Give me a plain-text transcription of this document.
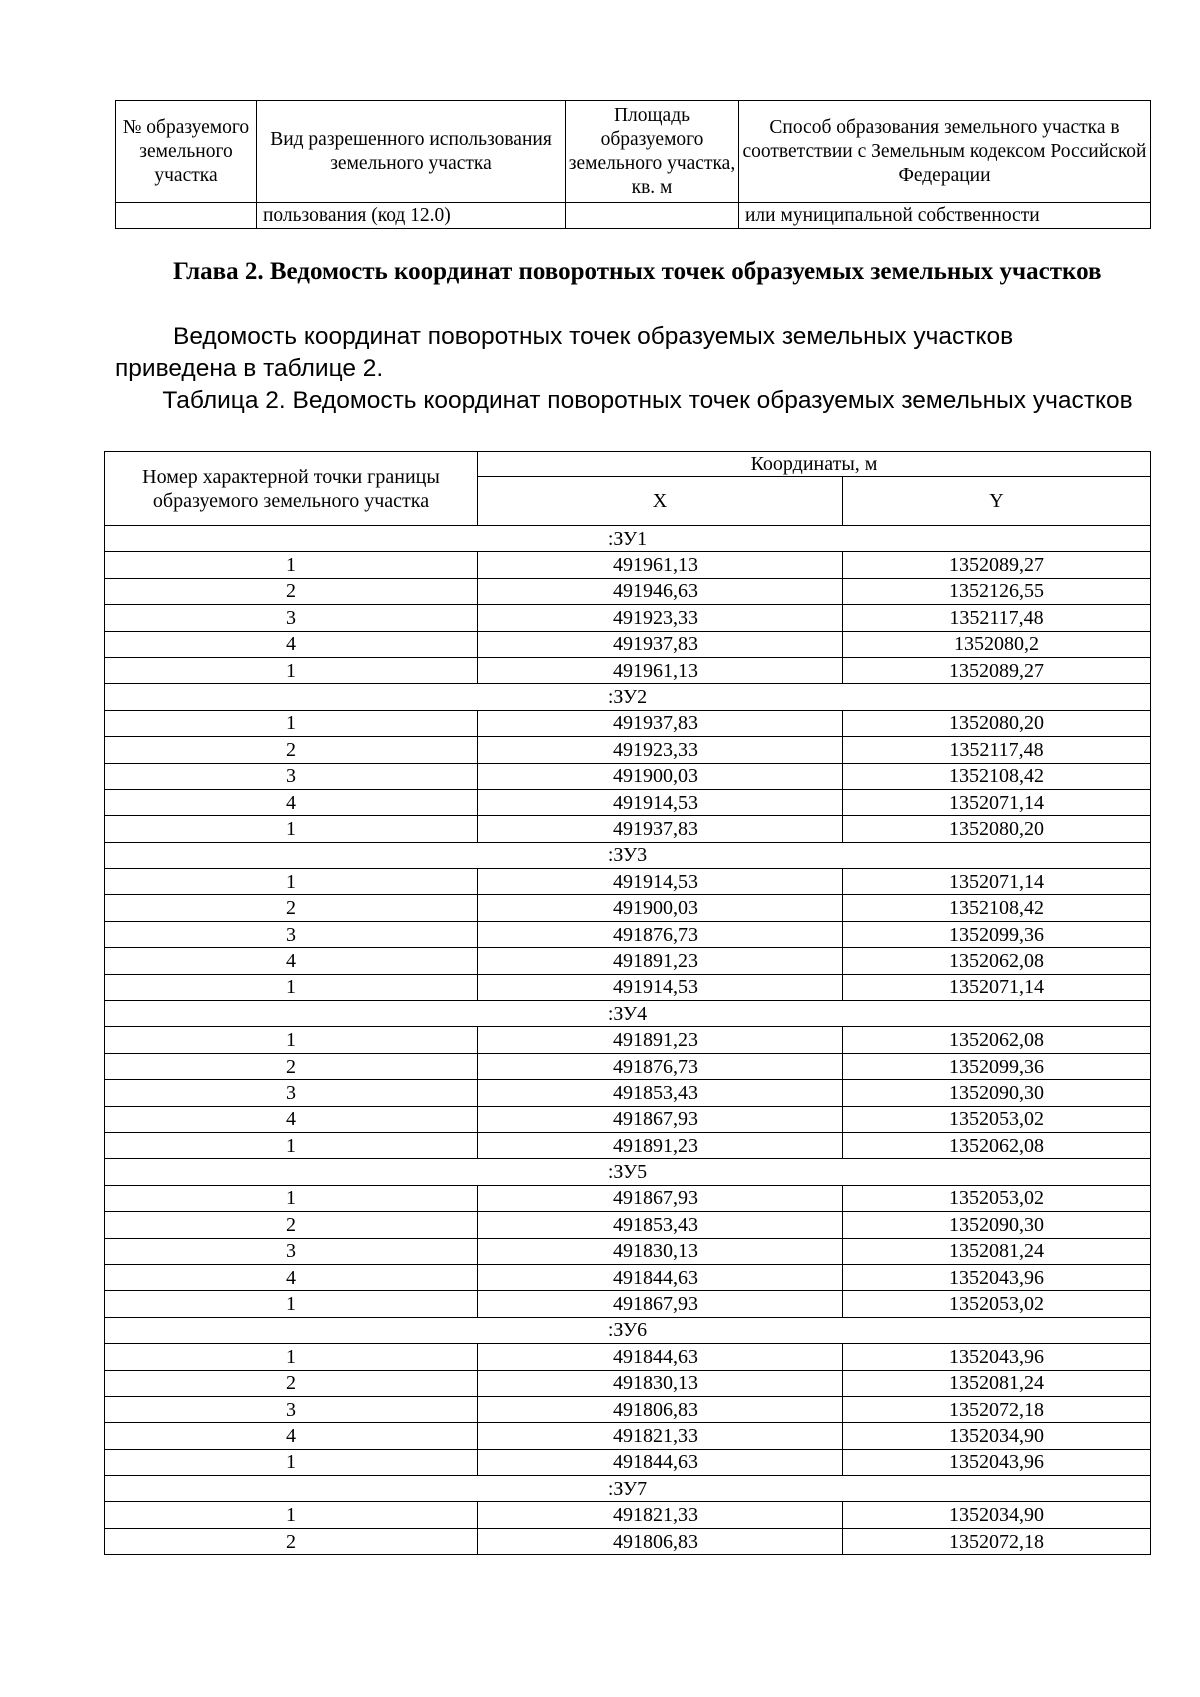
№ образуемого земельного участка	Вид разрешенного использования земельного участка	Площадь образуемого земельного участка, кв. м	Способ образования земельного участка в соответствии с Земельным кодексом Российской Федерации
	пользования (код 12.0)		или муниципальной собственности

Глава 2. Ведомость координат поворотных точек образуемых земельных участков

Ведомость координат поворотных точек образуемых земельных участков приведена в таблице 2.

Таблица 2. Ведомость координат поворотных точек образуемых земельных участков

Номер характерной точки границы образуемого земельного участка	Координаты, м	
	X	Y
:ЗУ1		
1	491961,13	1352089,27
2	491946,63	1352126,55
3	491923,33	1352117,48
4	491937,83	1352080,2
1	491961,13	1352089,27
:ЗУ2		
1	491937,83	1352080,20
2	491923,33	1352117,48
3	491900,03	1352108,42
4	491914,53	1352071,14
1	491937,83	1352080,20
:ЗУ3		
1	491914,53	1352071,14
2	491900,03	1352108,42
3	491876,73	1352099,36
4	491891,23	1352062,08
1	491914,53	1352071,14
:ЗУ4		
1	491891,23	1352062,08
2	491876,73	1352099,36
3	491853,43	1352090,30
4	491867,93	1352053,02
1	491891,23	1352062,08
:ЗУ5		
1	491867,93	1352053,02
2	491853,43	1352090,30
3	491830,13	1352081,24
4	491844,63	1352043,96
1	491867,93	1352053,02
:ЗУ6		
1	491844,63	1352043,96
2	491830,13	1352081,24
3	491806,83	1352072,18
4	491821,33	1352034,90
1	491844,63	1352043,96
:ЗУ7		
1	491821,33	1352034,90
2	491806,83	1352072,18
